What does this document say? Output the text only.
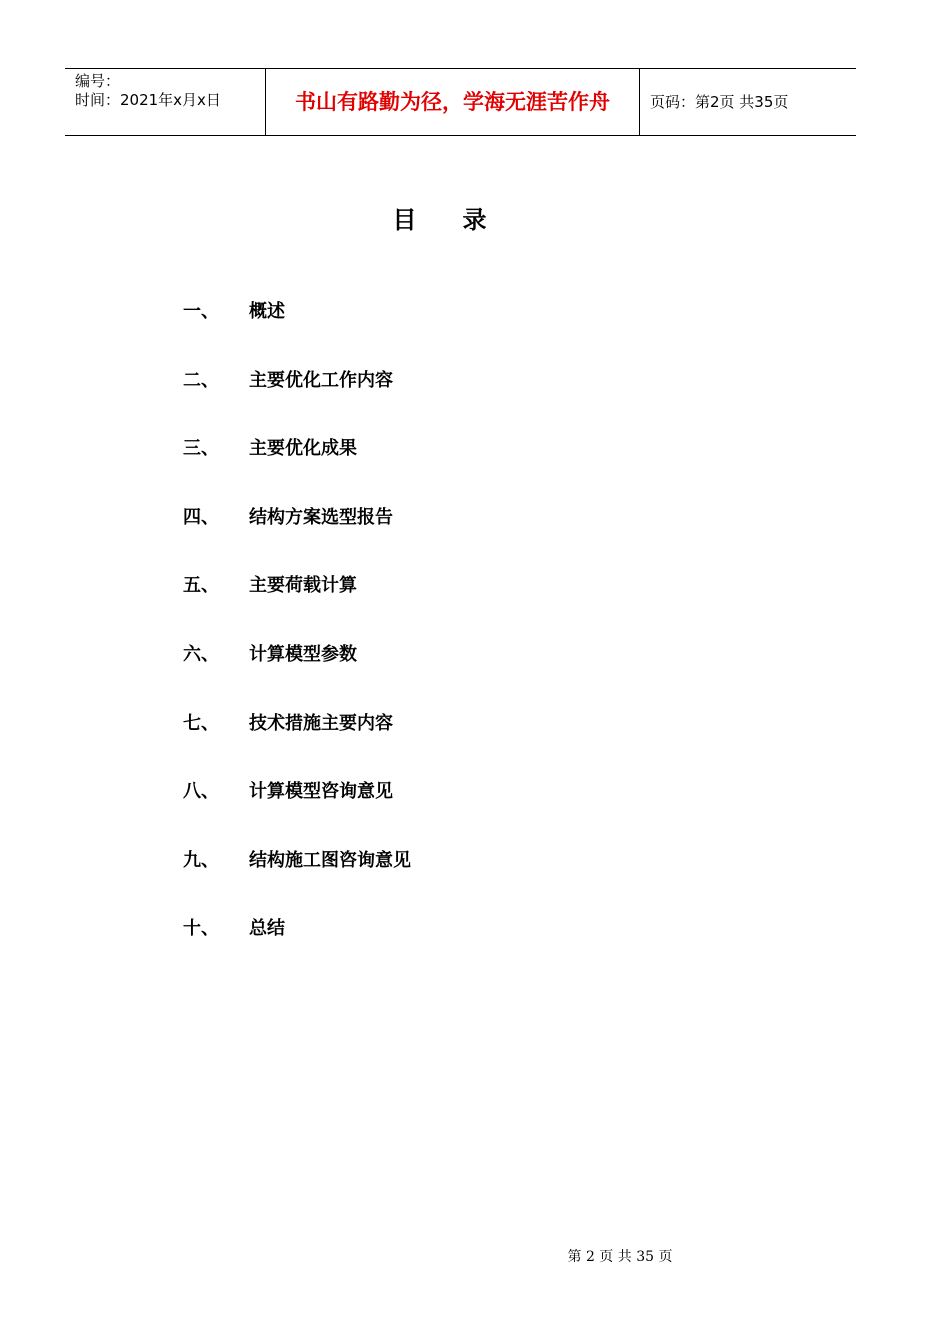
编号：
时间：2021年x月x日	书山有路勤为径，学海无涯苦作舟	页码：第2页 共35页
目录
一、 概述
二、 主要优化工作内容
三、 主要优化成果
四、 结构方案选型报告
五、 主要荷载计算
六、 计算模型参数
七、 技术措施主要内容
八、 计算模型咨询意见
九、 结构施工图咨询意见
十、 总结
第 2 页 共 35 页
